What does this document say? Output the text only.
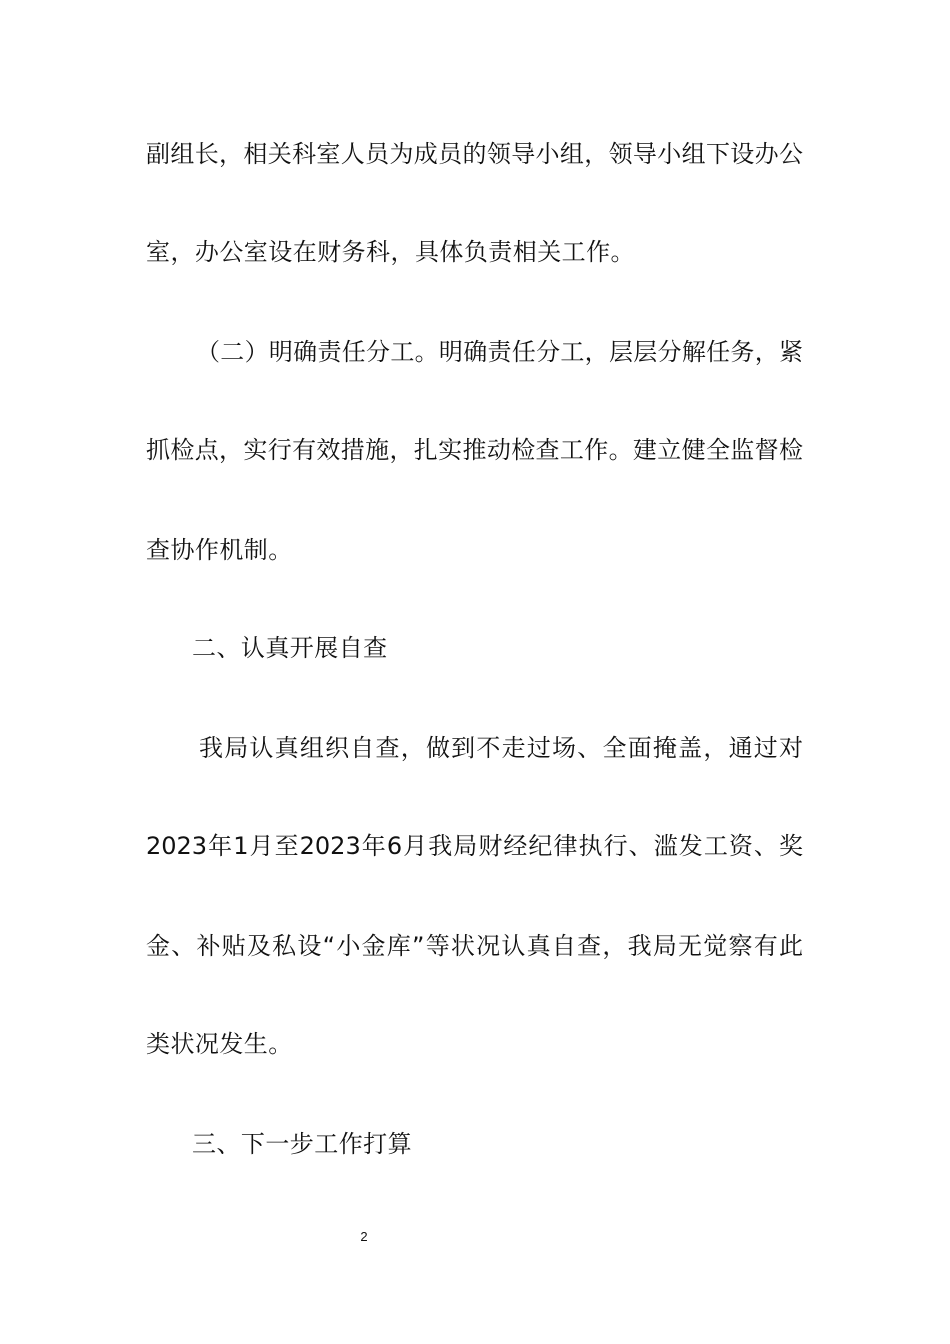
副组长，相关科室人员为成员的领导小组，领导小组下设办公
室，办公室设在财务科，具体负责相关工作。
（二）明确责任分工。明确责任分工，层层分解任务，紧
抓检点，实行有效措施，扎实推动检查工作。建立健全监督检
查协作机制。
二、认真开展自查
我局认真组织自查，做到不走过场、全面掩盖，通过对
2023年1月至2023年6月我局财经纪律执行、滥发工资、奖
金、补贴及私设“小金库”等状况认真自查，我局无觉察有此
类状况发生。
三、下一步工作打算
2
